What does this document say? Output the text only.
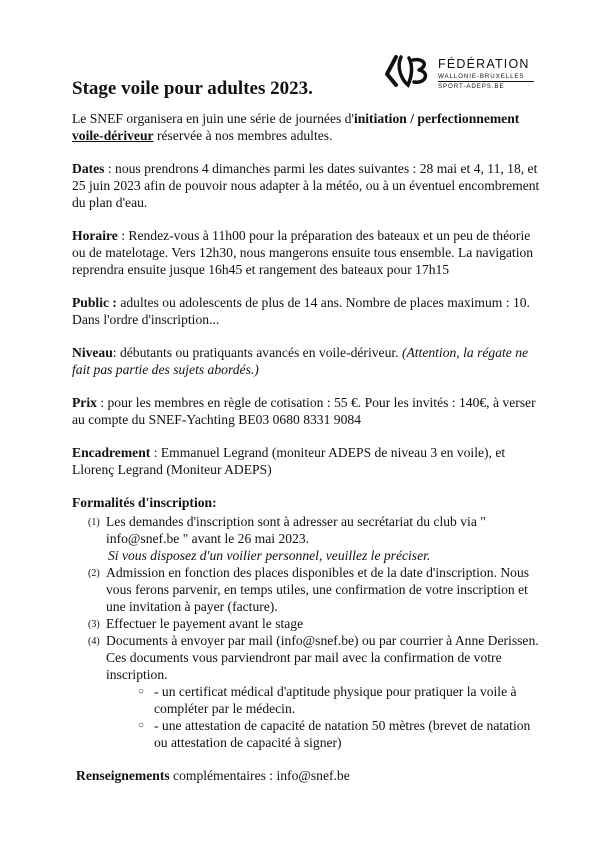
FÉDÉRATION
WALLONIE-BRUXELLES
SPORT-ADEPS.BE
Stage voile pour adultes 2023.

Le SNEF organisera en juin une série de journées d'initiation / perfectionnement voile-dériveur réservée à nos membres adultes.

Dates : nous prendrons 4 dimanches parmi les dates suivantes : 28 mai et 4, 11, 18, et 25 juin 2023 afin de pouvoir nous adapter à la météo, ou à un éventuel encombrement du plan d'eau.

Horaire : Rendez-vous à 11h00 pour la préparation des bateaux et un peu de théorie ou de matelotage. Vers 12h30, nous mangerons ensuite tous ensemble. La navigation reprendra ensuite jusque 16h45 et rangement des bateaux pour 17h15

Public : adultes ou adolescents de plus de 14 ans. Nombre de places maximum : 10. Dans l'ordre d'inscription...

Niveau: débutants ou pratiquants avancés en voile-dériveur. (Attention, la régate ne fait pas partie des sujets abordés.)

Prix : pour les membres en règle de cotisation : 55 €. Pour les invités : 140€, à verser au compte du SNEF-Yachting BE03 0680 8331 9084

Encadrement : Emmanuel Legrand (moniteur ADEPS de niveau 3 en voile), et Llorenç Legrand (Moniteur ADEPS)

Formalités d'inscription:
(1) Les demandes d'inscription sont à adresser au secrétariat du club via " info@snef.be " avant le 26 mai 2023.
Si vous disposez d'un voilier personnel, veuillez le préciser.
(2) Admission en fonction des places disponibles et de la date d'inscription. Nous vous ferons parvenir, en temps utiles, une confirmation de votre inscription et une invitation à payer (facture).
(3) Effectuer le payement avant le stage
(4) Documents à envoyer par mail (info@snef.be) ou par courrier à Anne Derissen. Ces documents vous parviendront par mail avec la confirmation de votre inscription.
○ - un certificat médical d'aptitude physique pour pratiquer la voile à compléter par le médecin.
○ - une attestation de capacité de natation 50 mètres (brevet de natation ou attestation de capacité à signer)
Renseignements complémentaires : info@snef.be
